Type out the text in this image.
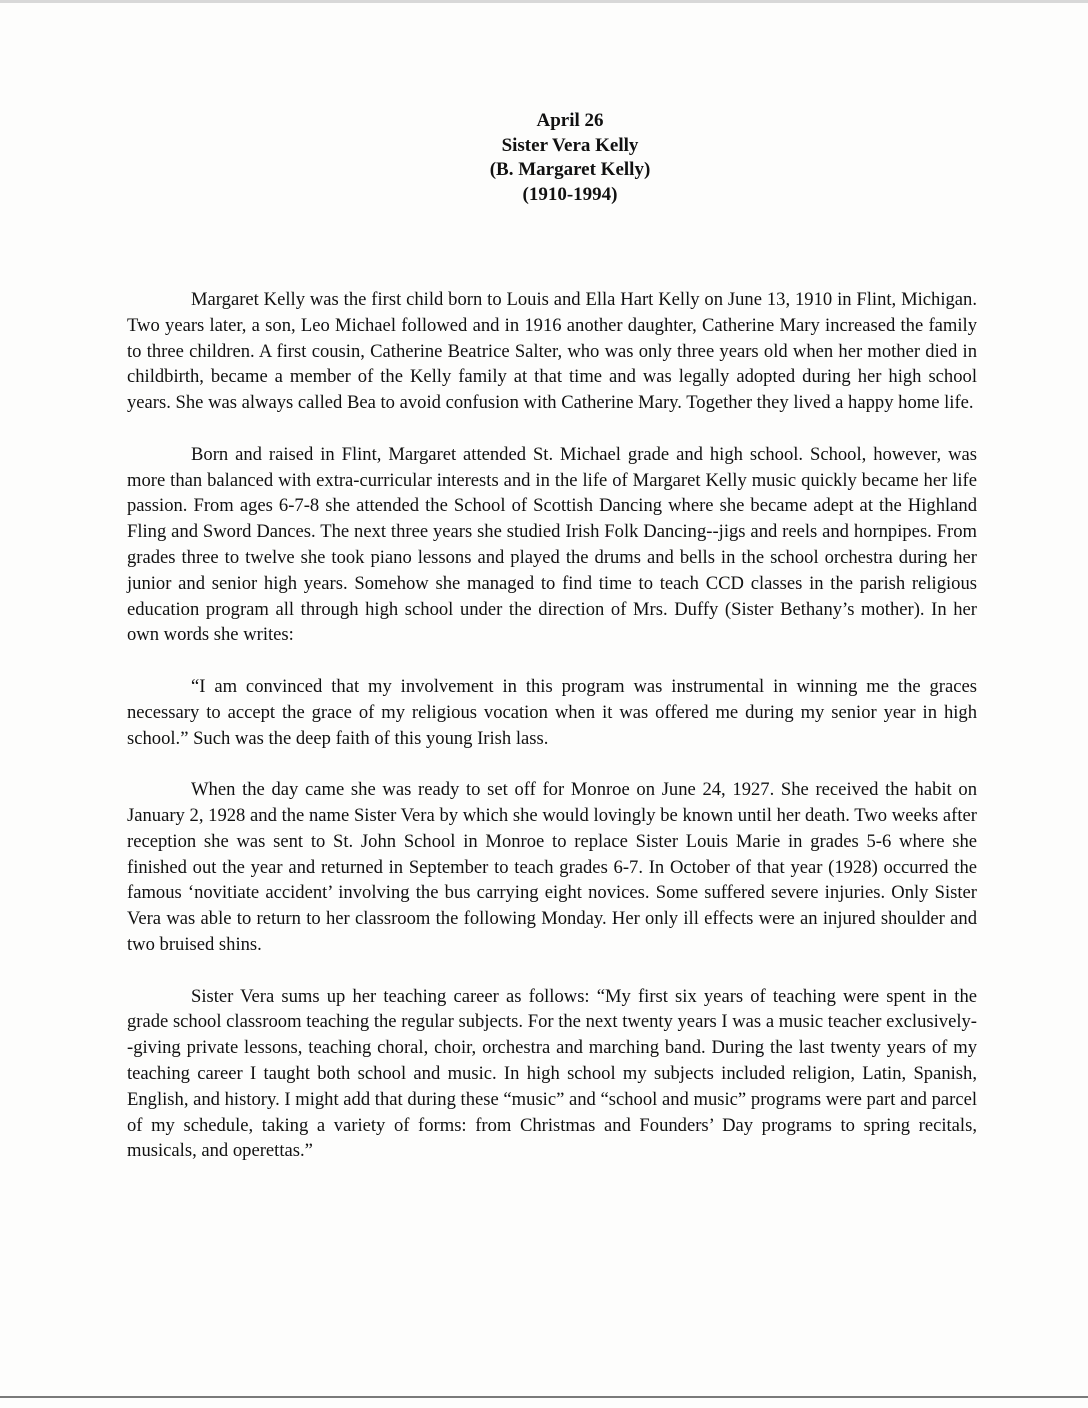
April 26
Sister Vera Kelly
(B. Margaret Kelly)
(1910-1994)

Margaret Kelly was the first child born to Louis and Ella Hart Kelly on June 13, 1910 in Flint, Michigan. Two years later, a son, Leo Michael followed and in 1916 another daughter, Catherine Mary increased the family to three children. A first cousin, Catherine Beatrice Salter, who was only three years old when her mother died in childbirth, became a member of the Kelly family at that time and was legally adopted during her high school years. She was always called Bea to avoid confusion with Catherine Mary. Together they lived a happy home life.

Born and raised in Flint, Margaret attended St. Michael grade and high school. School, however, was more than balanced with extra-curricular interests and in the life of Margaret Kelly music quickly became her life passion. From ages 6-7-8 she attended the School of Scottish Dancing where she became adept at the Highland Fling and Sword Dances. The next three years she studied Irish Folk Dancing--jigs and reels and hornpipes. From grades three to twelve she took piano lessons and played the drums and bells in the school orchestra during her junior and senior high years. Somehow she managed to find time to teach CCD classes in the parish religious education program all through high school under the direction of Mrs. Duffy (Sister Bethany’s mother). In her own words she writes:

“I am convinced that my involvement in this program was instrumental in winning me the graces necessary to accept the grace of my religious vocation when it was offered me during my senior year in high school.” Such was the deep faith of this young Irish lass.

When the day came she was ready to set off for Monroe on June 24, 1927. She received the habit on January 2, 1928 and the name Sister Vera by which she would lovingly be known until her death. Two weeks after reception she was sent to St. John School in Monroe to replace Sister Louis Marie in grades 5-6 where she finished out the year and returned in September to teach grades 6-7. In October of that year (1928) occurred the famous ‘novitiate accident’ involving the bus carrying eight novices. Some suffered severe injuries. Only Sister Vera was able to return to her classroom the following Monday. Her only ill effects were an injured shoulder and two bruised shins.

Sister Vera sums up her teaching career as follows: “My first six years of teaching were spent in the grade school classroom teaching the regular subjects. For the next twenty years I was a music teacher exclusively--giving private lessons, teaching choral, choir, orchestra and marching band. During the last twenty years of my teaching career I taught both school and music. In high school my subjects included religion, Latin, Spanish, English, and history. I might add that during these “music” and “school and music” programs were part and parcel of my schedule, taking a variety of forms: from Christmas and Founders’ Day programs to spring recitals, musicals, and operettas.”
